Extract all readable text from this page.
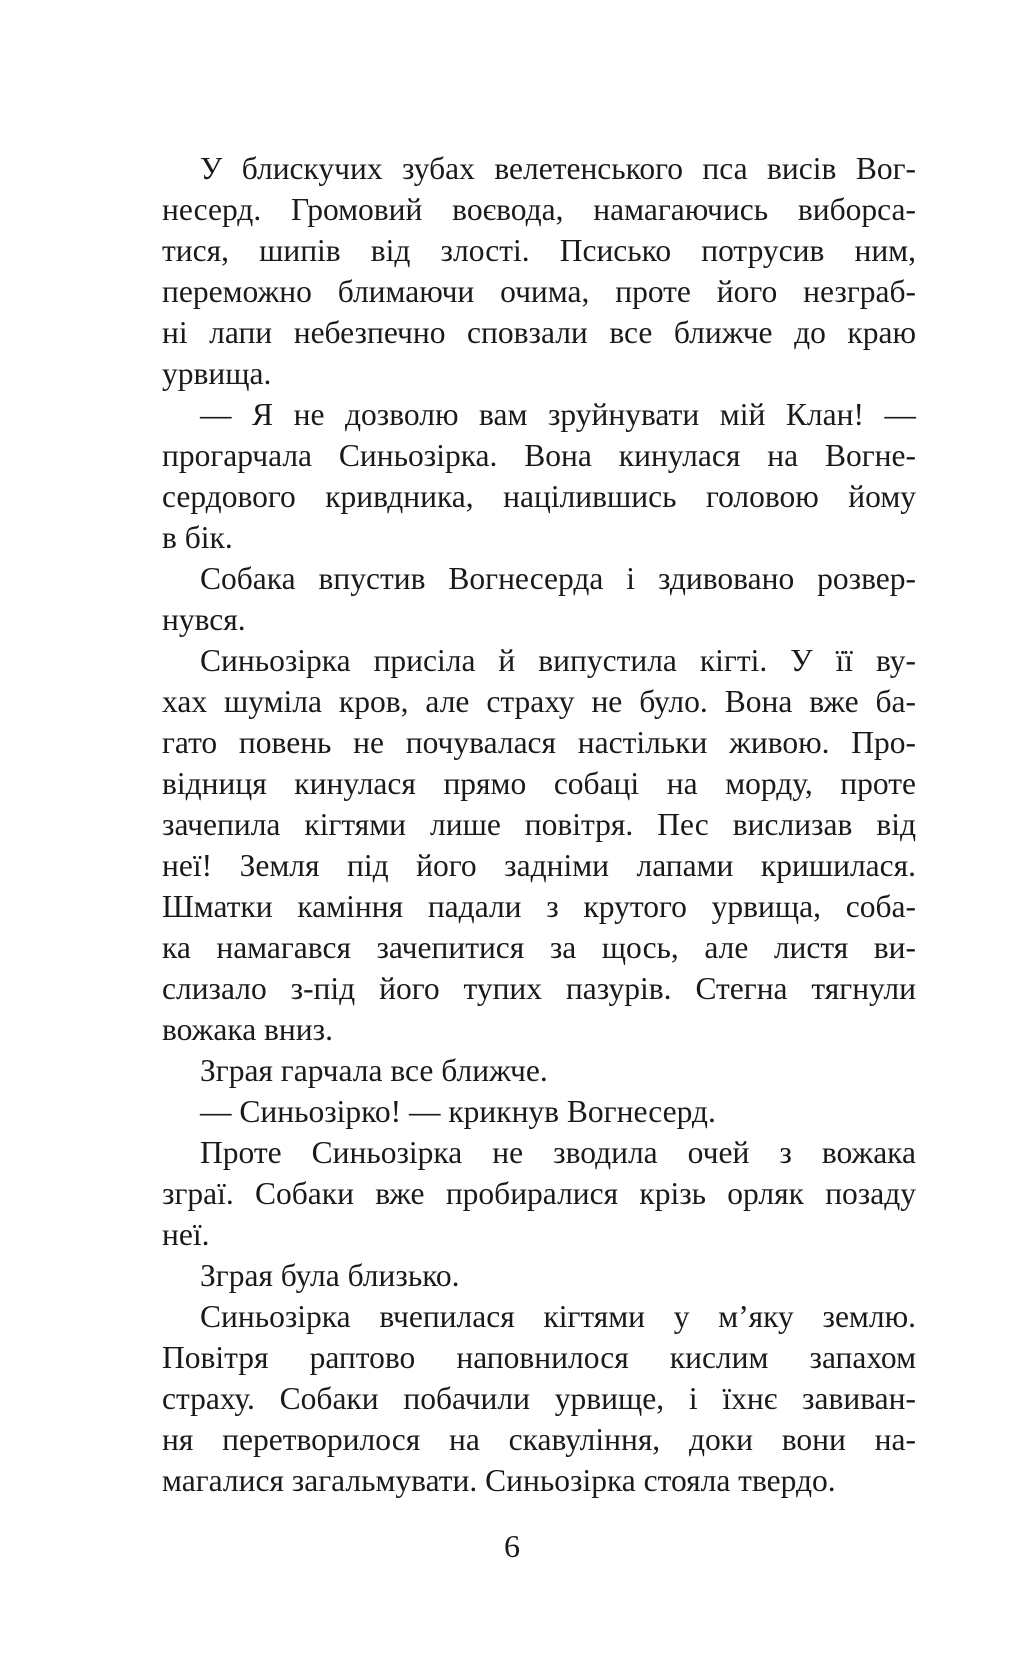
У блискучих зубах велетенського пса висів Вог-
несерд. Громовий воєвода, намагаючись виборса-
тися, шипів від злості. Псисько потрусив ним,
переможно блимаючи очима, проте його незграб-
ні лапи небезпечно сповзали все ближче до краю
урвища.
— Я не дозволю вам зруйнувати мій Клан! —
прогарчала Синьозірка. Вона кинулася на Вогне-
сердового кривдника, націлившись головою йому
в бік.
Собака впустив Вогнесерда і здивовано розвер-
нувся.
Синьозірка присіла й випустила кігті. У її ву-
хах шуміла кров, але страху не було. Вона вже ба-
гато повень не почувалася настільки живою. Про-
відниця кинулася прямо собаці на морду, проте
зачепила кігтями лише повітря. Пес вислизав від
неї! Земля під його задніми лапами кришилася.
Шматки каміння падали з крутого урвища, соба-
ка намагався зачепитися за щось, але листя ви-
слизало з-під його тупих пазурів. Стегна тягнули
вожака вниз.
Зграя гарчала все ближче.
— Синьозірко! — крикнув Вогнесерд.
Проте Синьозірка не зводила очей з вожака
зграї. Собаки вже пробиралися крізь орляк позаду
неї.
Зграя була близько.
Синьозірка вчепилася кігтями у м’яку землю.
Повітря раптово наповнилося кислим запахом
страху. Собаки побачили урвище, і їхнє завиван-
ня перетворилося на скавуління, доки вони на-
магалися загальмувати. Синьозірка стояла твердо.
6
